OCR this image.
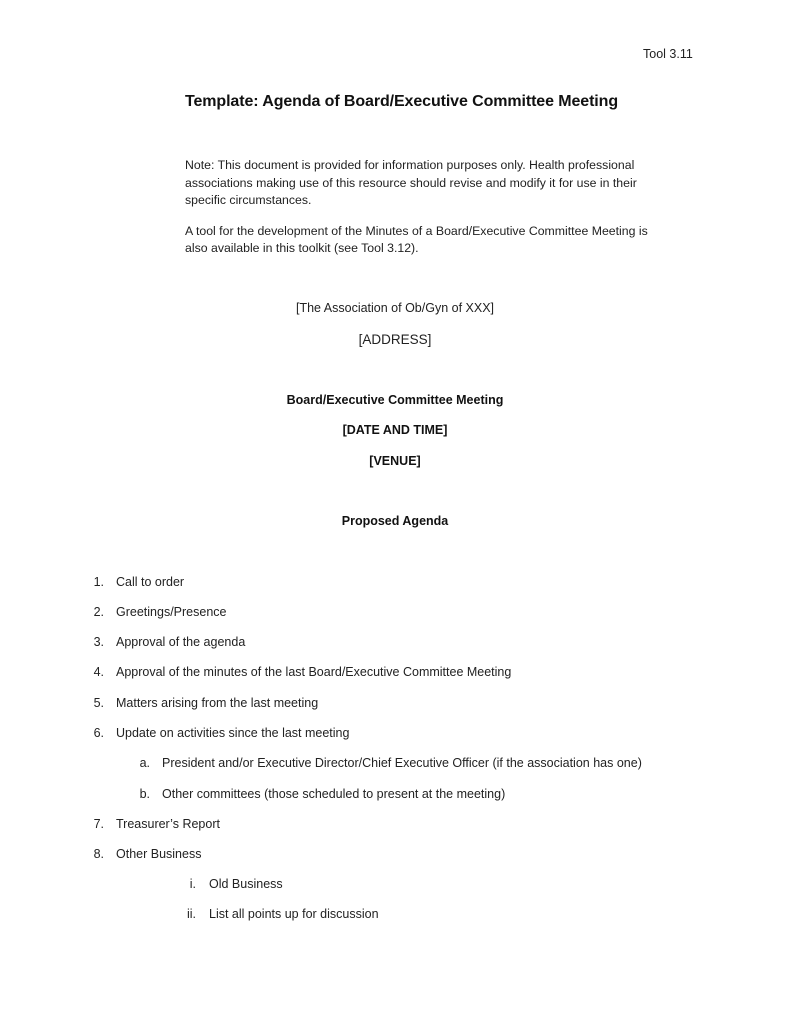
Tool 3.11
Template: Agenda of Board/Executive Committee Meeting

Note: This document is provided for information purposes only. Health professional associations making use of this resource should revise and modify it for use in their specific circumstances.

A tool for the development of the Minutes of a Board/Executive Committee Meeting is also available in this toolkit (see Tool 3.12).

[The Association of Ob/Gyn of XXX]
[ADDRESS]
Board/Executive Committee Meeting
[DATE AND TIME]
[VENUE]
Proposed Agenda
1. Call to order
2. Greetings/Presence
3. Approval of the agenda
4. Approval of the minutes of the last Board/Executive Committee Meeting
5. Matters arising from the last meeting
6. Update on activities since the last meeting
a. President and/or Executive Director/Chief Executive Officer (if the association has one)
b. Other committees (those scheduled to present at the meeting)
7. Treasurer’s Report
8. Other Business
i. Old Business
ii. List all points up for discussion
